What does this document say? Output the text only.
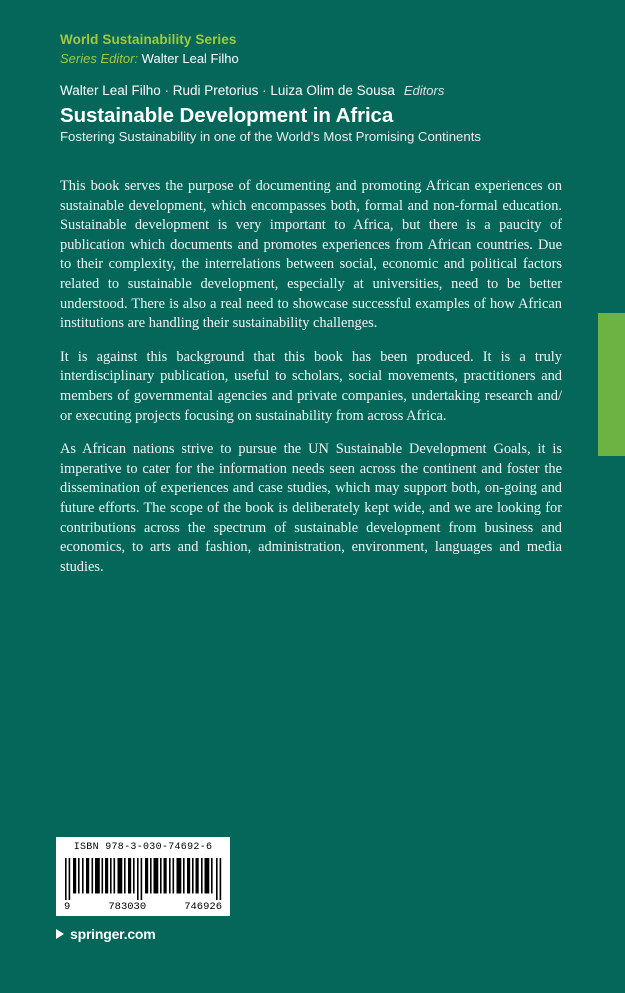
World Sustainability Series
Series Editor: Walter Leal Filho
Walter Leal Filho · Rudi Pretorius · Luiza Olim de Sousa Editors
Sustainable Development in Africa
Fostering Sustainability in one of the World’s Most Promising Continents

This book serves the purpose of documenting and promoting African experiences on sustainable development, which encompasses both, formal and non-formal education. Sustainable development is very important to Africa, but there is a paucity of publication which documents and promotes experiences from African countries. Due to their complexity, the interrelations between social, economic and political factors related to sustainable development, especially at universities, need to be better understood. There is also a real need to showcase successful examples of how African institutions are handling their sustainability challenges.

It is against this background that this book has been produced. It is a truly interdisciplinary publication, useful to scholars, social movements, practitioners and members of governmental agencies and private companies, undertaking research and/ or executing projects focusing on sustainability from across Africa.

As African nations strive to pursue the UN Sustainable Development Goals, it is imperative to cater for the information needs seen across the continent and foster the dissemination of experiences and case studies, which may support both, on-going and future efforts. The scope of the book is deliberately kept wide, and we are looking for contributions across the spectrum of sustainable development from business and economics, to arts and fashion, administration, environment, languages and media studies.

ISBN 978-3-030-74692-6
9	783030	746926
springer.com
